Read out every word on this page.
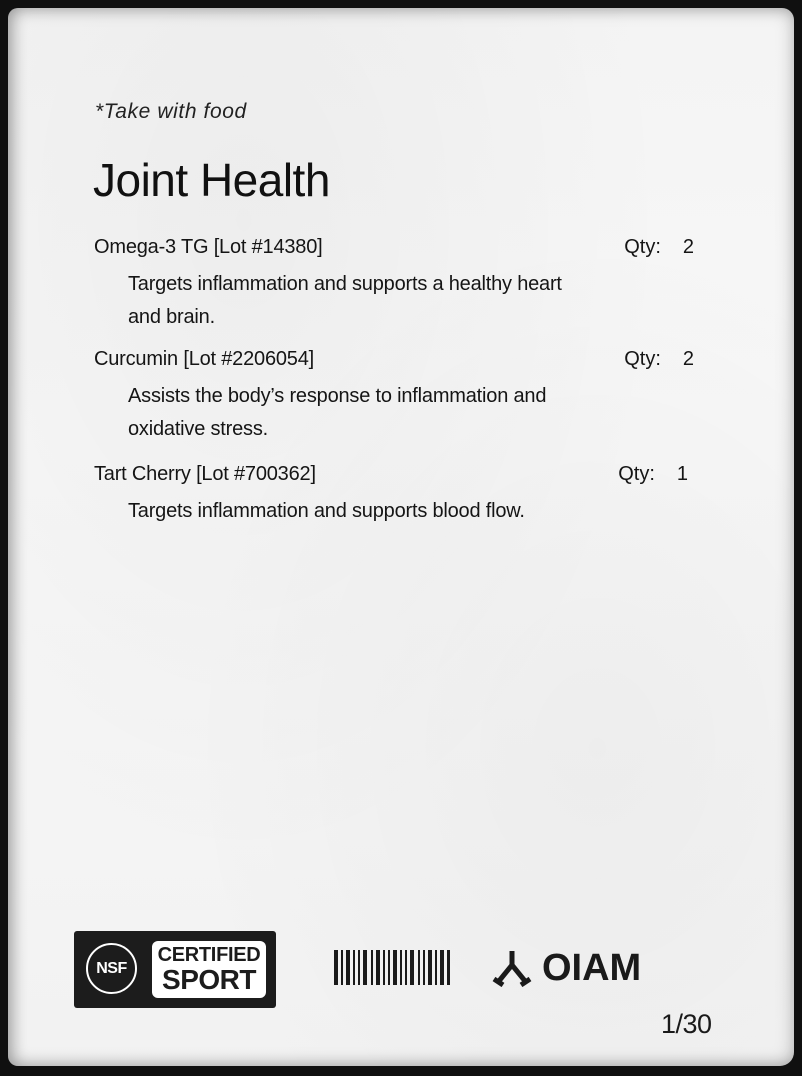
*Take with food
Joint Health
Omega-3 TG [Lot #14380]	Qty: 2
Targets inflammation and supports a healthy heart and brain.
Curcumin [Lot #2206054]	Qty: 2
Assists the body’s response to inflammation and oxidative stress.
Tart Cherry [Lot #700362]	Qty: 1
Targets inflammation and supports blood flow.
NSF
CERTIFIED
SPORT	OIAM
1/30
